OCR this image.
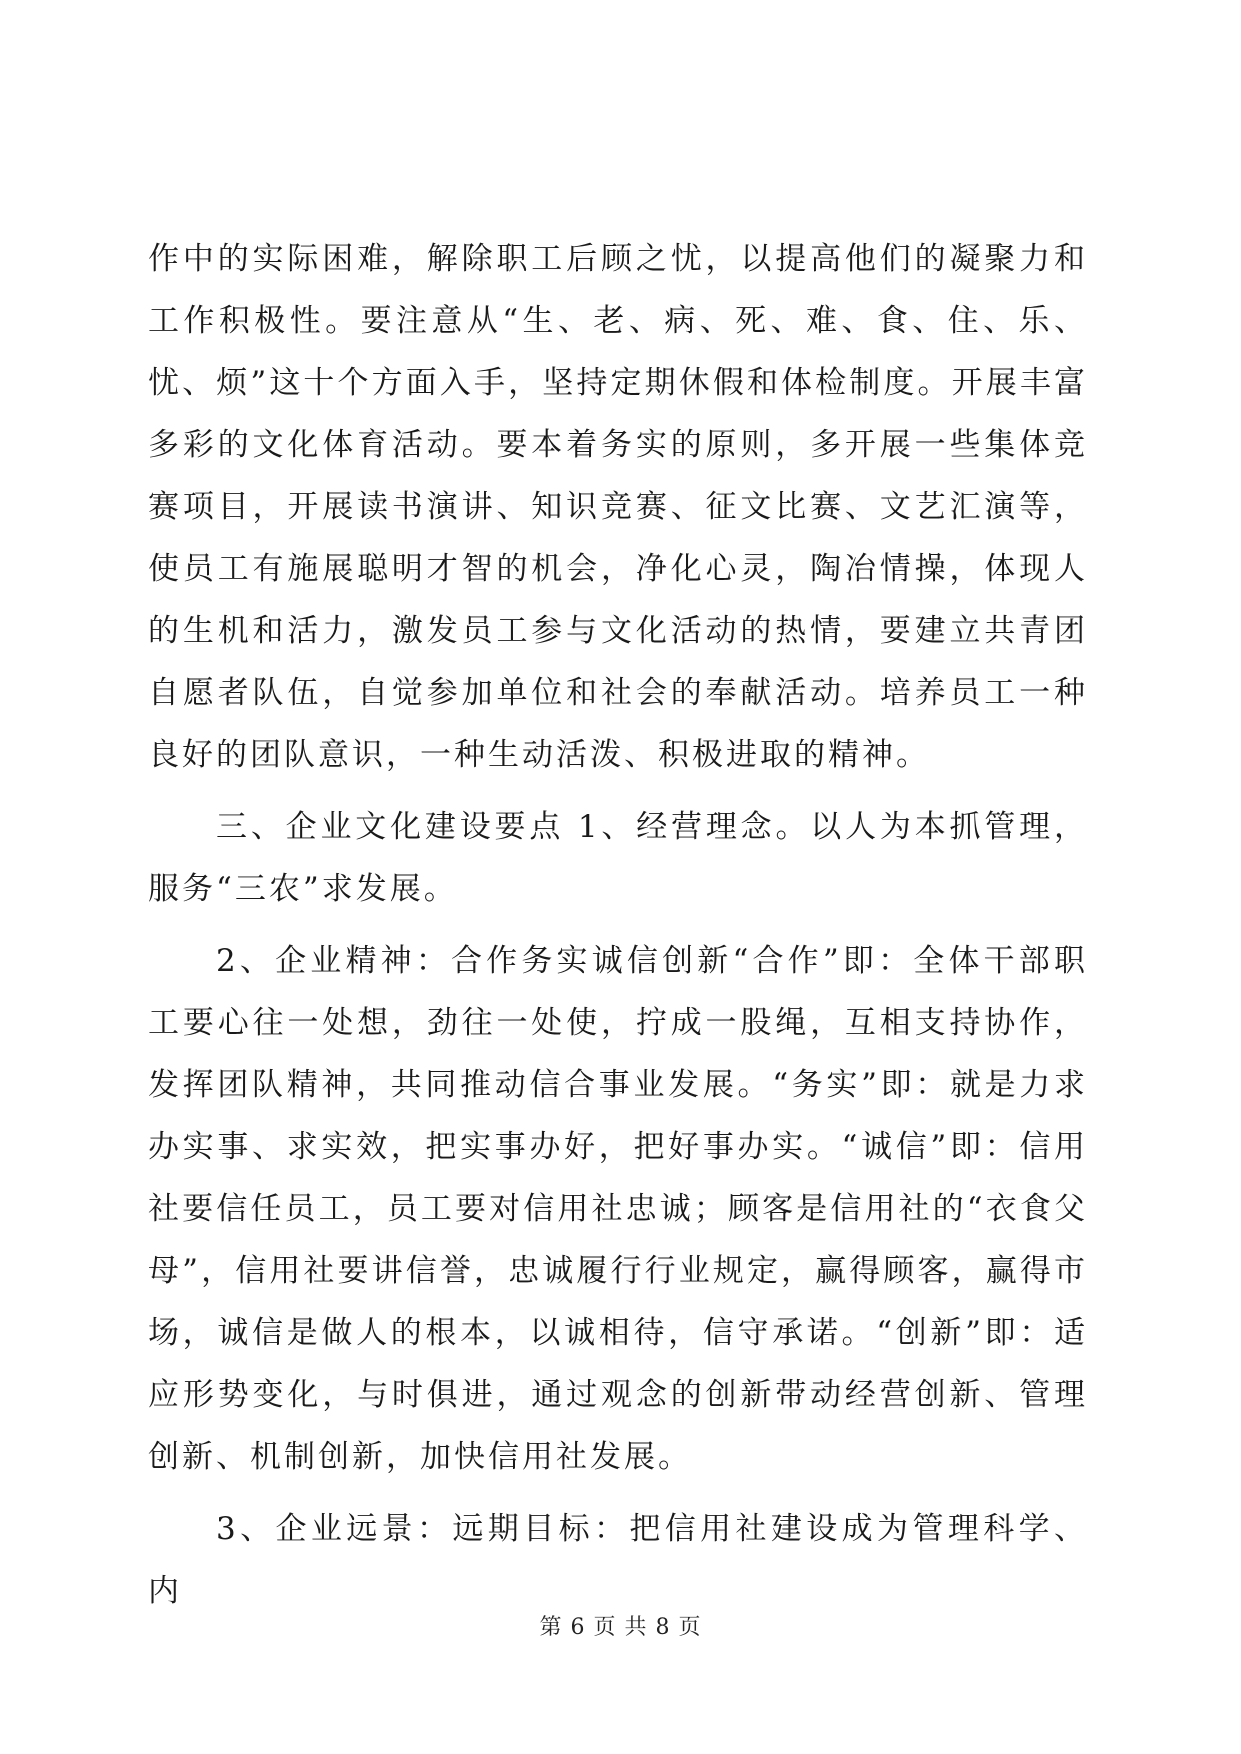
作中的实际困难，解除职工后顾之忧，以提高他们的凝聚力和工作积极性。要注意从“生、老、病、死、难、食、住、乐、忧、烦”这十个方面入手，坚持定期休假和体检制度。开展丰富多彩的文化体育活动。要本着务实的原则，多开展一些集体竞赛项目，开展读书演讲、知识竞赛、征文比赛、文艺汇演等，使员工有施展聪明才智的机会，净化心灵，陶冶情操，体现人的生机和活力，激发员工参与文化活动的热情，要建立共青团自愿者队伍，自觉参加单位和社会的奉献活动。培养员工一种良好的团队意识，一种生动活泼、积极进取的精神。

三、企业文化建设要点 1、经营理念。以人为本抓管理，服务“三农”求发展。

2、企业精神：合作务实诚信创新“合作”即：全体干部职工要心往一处想，劲往一处使，拧成一股绳，互相支持协作，发挥团队精神，共同推动信合事业发展。“务实”即：就是力求办实事、求实效，把实事办好，把好事办实。“诚信”即：信用社要信任员工，员工要对信用社忠诚；顾客是信用社的“衣食父母”，信用社要讲信誉，忠诚履行行业规定，赢得顾客，赢得市场，诚信是做人的根本，以诚相待，信守承诺。“创新”即：适应形势变化，与时俱进，通过观念的创新带动经营创新、管理创新、机制创新，加快信用社发展。

3、企业远景：远期目标：把信用社建设成为管理科学、内

第 6 页 共 8 页
